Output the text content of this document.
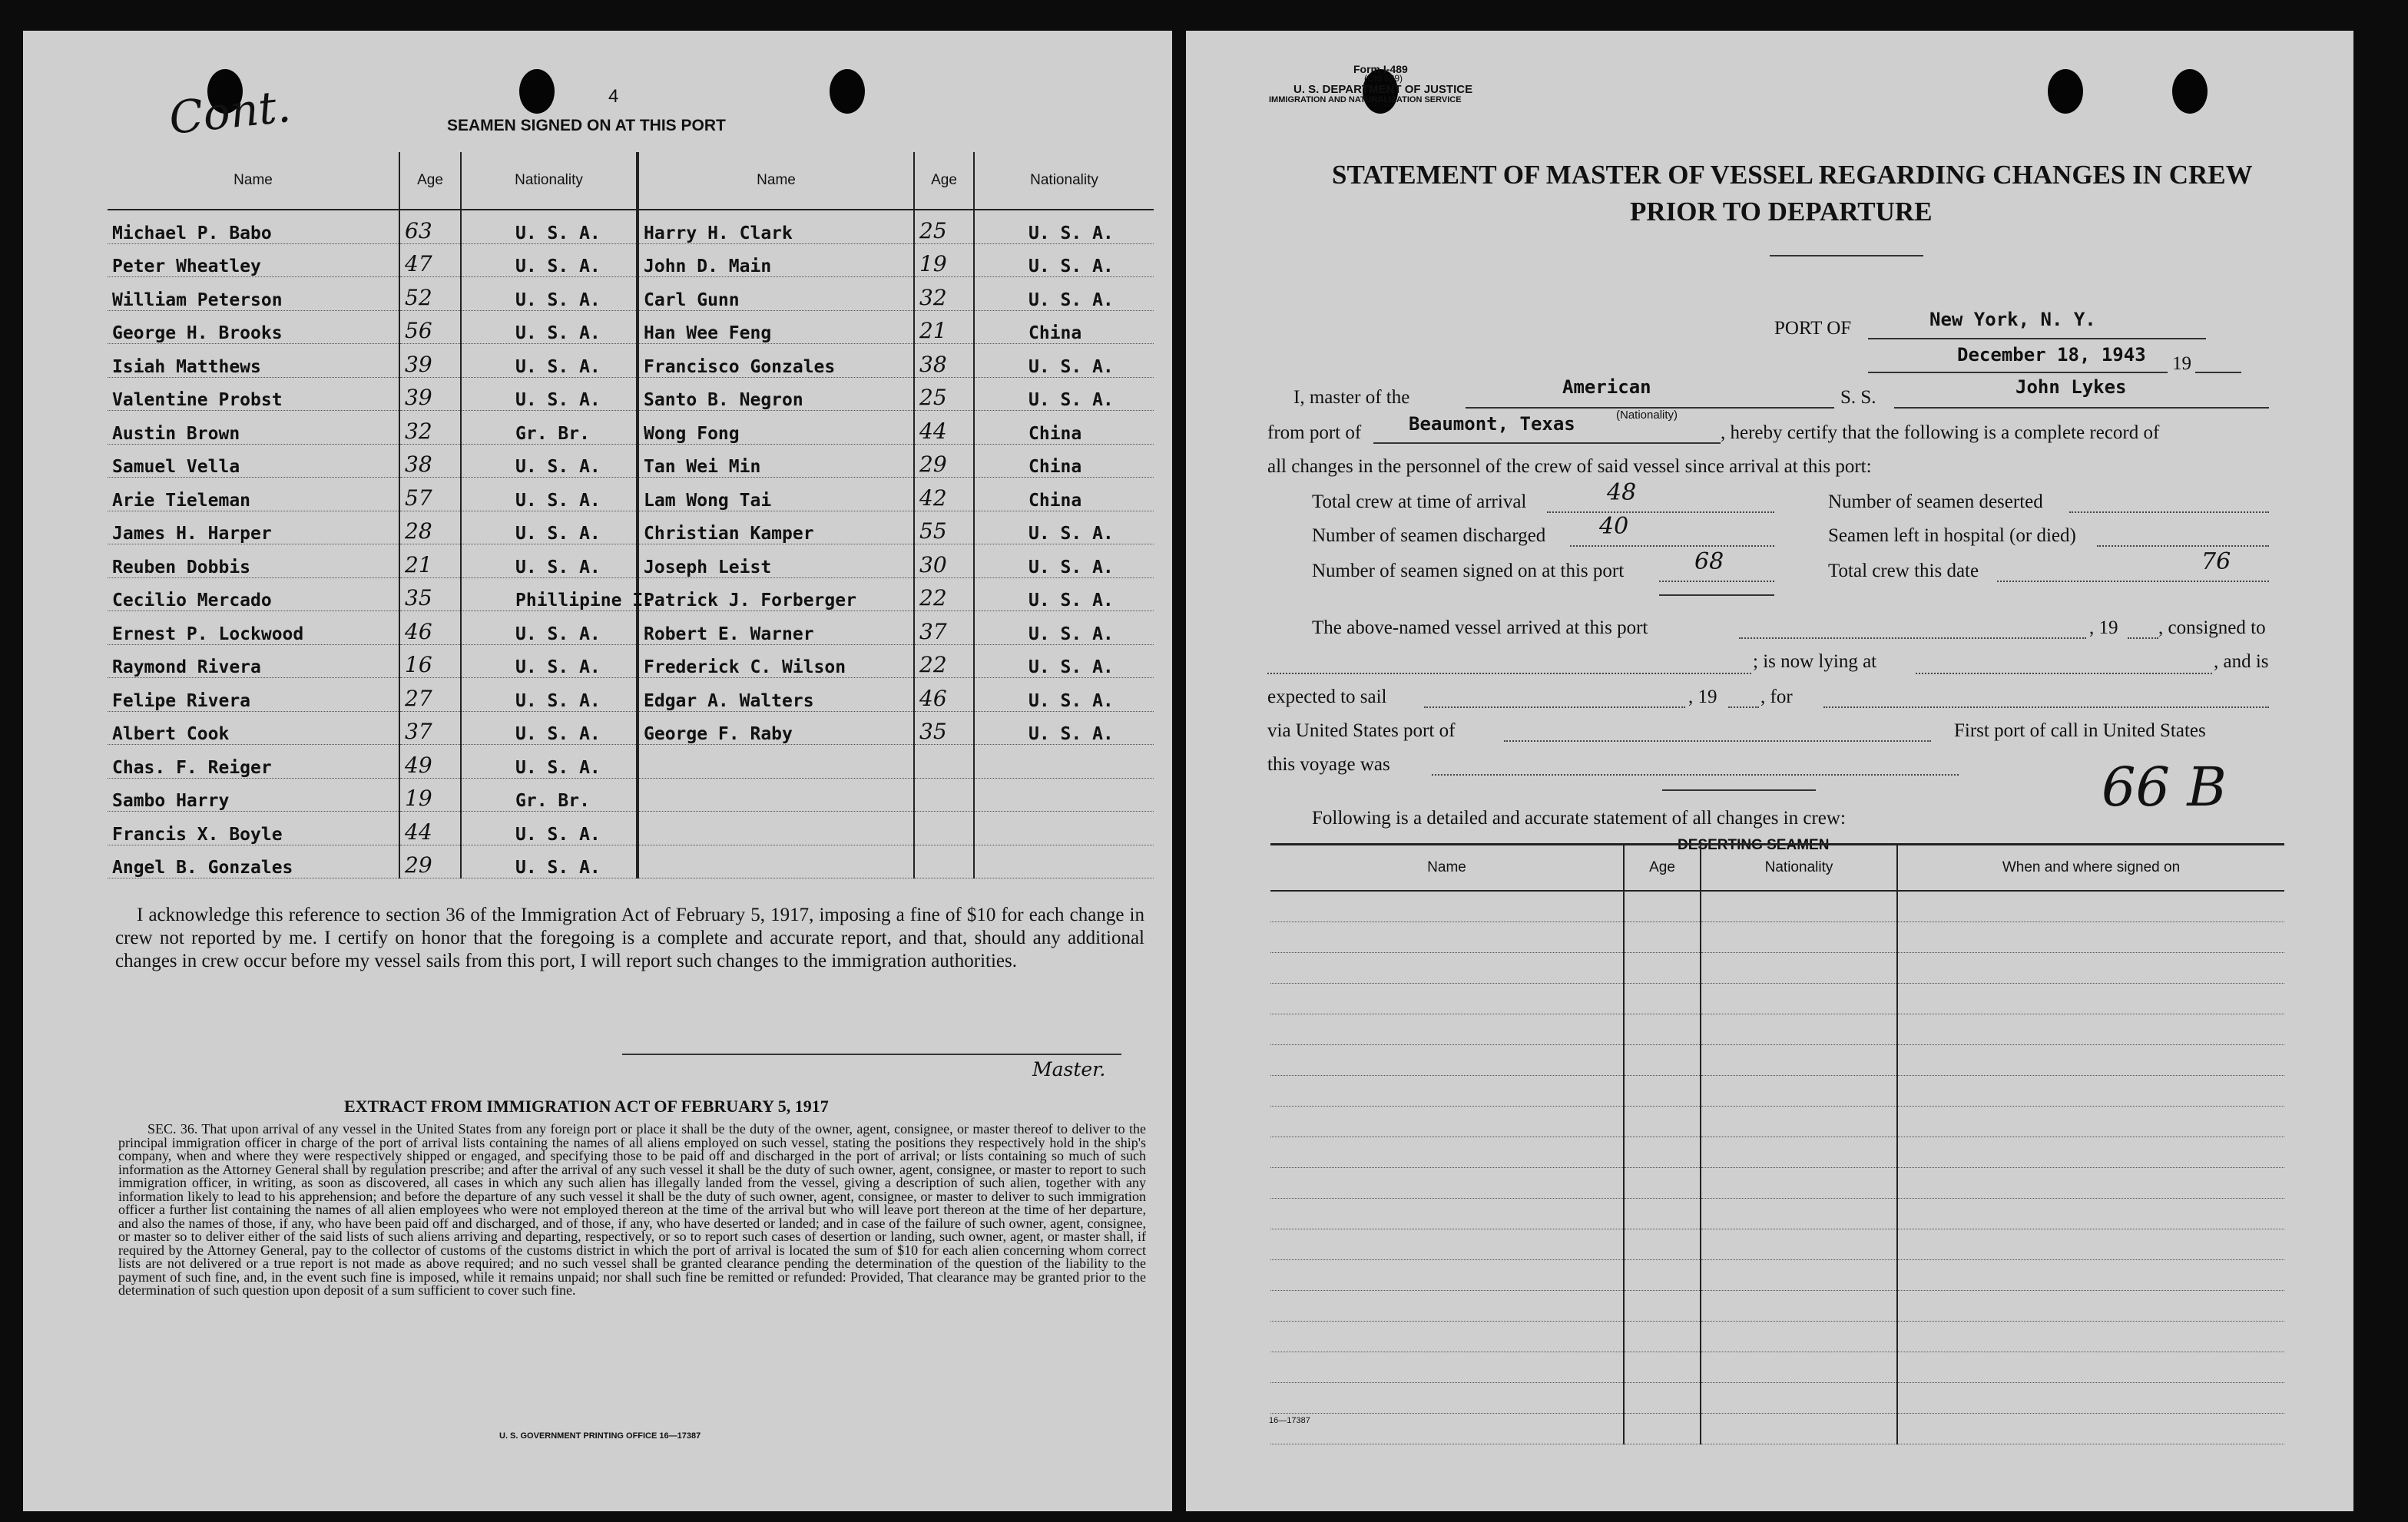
Cont.	4
SEAMEN SIGNED ON AT THIS PORT
Name	Age	Nationality	Name	Age	Nationality
Michael P. Babo	63	U. S. A.	Harry H. Clark	25	U. S. A.
Peter Wheatley	47	U. S. A.	John D. Main	19	U. S. A.
William Peterson	52	U. S. A.	Carl Gunn	32	U. S. A.
George H. Brooks	56	U. S. A.	Han Wee Feng	21	China
Isiah Matthews	39	U. S. A.	Francisco Gonzales	38	U. S. A.
Valentine Probst	39	U. S. A.	Santo B. Negron	25	U. S. A.
Austin Brown	32	Gr. Br.	Wong Fong	44	China
Samuel Vella	38	U. S. A.	Tan Wei Min	29	China
Arie Tieleman	57	U. S. A.	Lam Wong Tai	42	China
James H. Harper	28	U. S. A.	Christian Kamper	55	U. S. A.
Reuben Dobbis	21	U. S. A.	Joseph Leist	30	U. S. A.
Cecilio Mercado	35	Phillipine I.	Patrick J. Forberger	22	U. S. A.
Ernest P. Lockwood	46	U. S. A.	Robert E. Warner	37	U. S. A.
Raymond Rivera	16	U. S. A.	Frederick C. Wilson	22	U. S. A.
Felipe Rivera	27	U. S. A.	Edgar A. Walters	46	U. S. A.
Albert Cook	37	U. S. A.	George F. Raby	35	U. S. A.
Chas. F. Reiger	49	U. S. A.			
Sambo Harry	19	Gr. Br.			
Francis X. Boyle	44	U. S. A.			
Angel B. Gonzales	29	U. S. A.			
I acknowledge this reference to section 36 of the Immigration Act of February 5, 1917, imposing a fine of $10 for each change in crew not reported by me. I certify on honor that the foregoing is a complete and accurate report, and that, should any additional changes in crew occur before my vessel sails from this port, I will report such changes to the immigration authorities.
Master.
EXTRACT FROM IMMIGRATION ACT OF FEBRUARY 5, 1917
SEC. 36. That upon arrival of any vessel in the United States from any foreign port or place it shall be the duty of the owner, agent, consignee, or master thereof to deliver to the principal immigration officer in charge of the port of arrival lists containing the names of all aliens employed on such vessel, stating the positions they respectively hold in the ship's company, when and where they were respectively shipped or engaged, and specifying those to be paid off and discharged in the port of arrival; or lists containing so much of such information as the Attorney General shall by regulation prescribe; and after the arrival of any such vessel it shall be the duty of such owner, agent, consignee, or master to report to such immigration officer, in writing, as soon as discovered, all cases in which any such alien has illegally landed from the vessel, giving a description of such alien, together with any information likely to lead to his apprehension; and before the departure of any such vessel it shall be the duty of such owner, agent, consignee, or master to deliver to such immigration officer a further list containing the names of all alien employees who were not employed thereon at the time of the arrival but who will leave port thereon at the time of her departure, and also the names of those, if any, who have been paid off and discharged, and of those, if any, who have deserted or landed; and in case of the failure of such owner, agent, consignee, or master so to deliver either of the said lists of such aliens arriving and departing, respectively, or so to report such cases of desertion or landing, such owner, agent, or master shall, if required by the Attorney General, pay to the collector of customs of the customs district in which the port of arrival is located the sum of $10 for each alien concerning whom correct lists are not delivered or a true report is not made as above required; and no such vessel shall be granted clearance pending the determination of the question of the liability to the payment of such fine, and, in the event such fine is imposed, while it remains unpaid; nor shall such fine be remitted or refunded: Provided, That clearance may be granted prior to the determination of such question upon deposit of a sum sufficient to cover such fine.
U. S. GOVERNMENT PRINTING OFFICE 16—17387
Form I-489
(Old 639)
U. S. DEPARTMENT OF JUSTICE
IMMIGRATION AND NATURALIZATION SERVICE
STATEMENT OF MASTER OF VESSEL REGARDING CHANGES IN CREW
PRIOR TO DEPARTURE
PORT OF	New York, N. Y.
December 18, 1943 19
I, master of the	American
(Nationality)
S. S.	John Lykes
from port of	Beaumont, Texas	, hereby certify that the following is a complete record of
all changes in the personnel of the crew of said vessel since arrival at this port:
Total crew at time of arrival	48	Number of seamen deserted
Number of seamen discharged 40	Seamen left in hospital (or died)
Number of seamen signed on at this port	68	Total crew this date	76
The above-named vessel arrived at this port	, 19 , consigned to
; is now lying at	, and is
expected to sail	, 19 , for
via United States port of	First port of call in United States
this voyage was	66 B
Following is a detailed and accurate statement of all changes in crew:
DESERTING SEAMEN
Name	Age	Nationality	When and where signed on

16—17387
